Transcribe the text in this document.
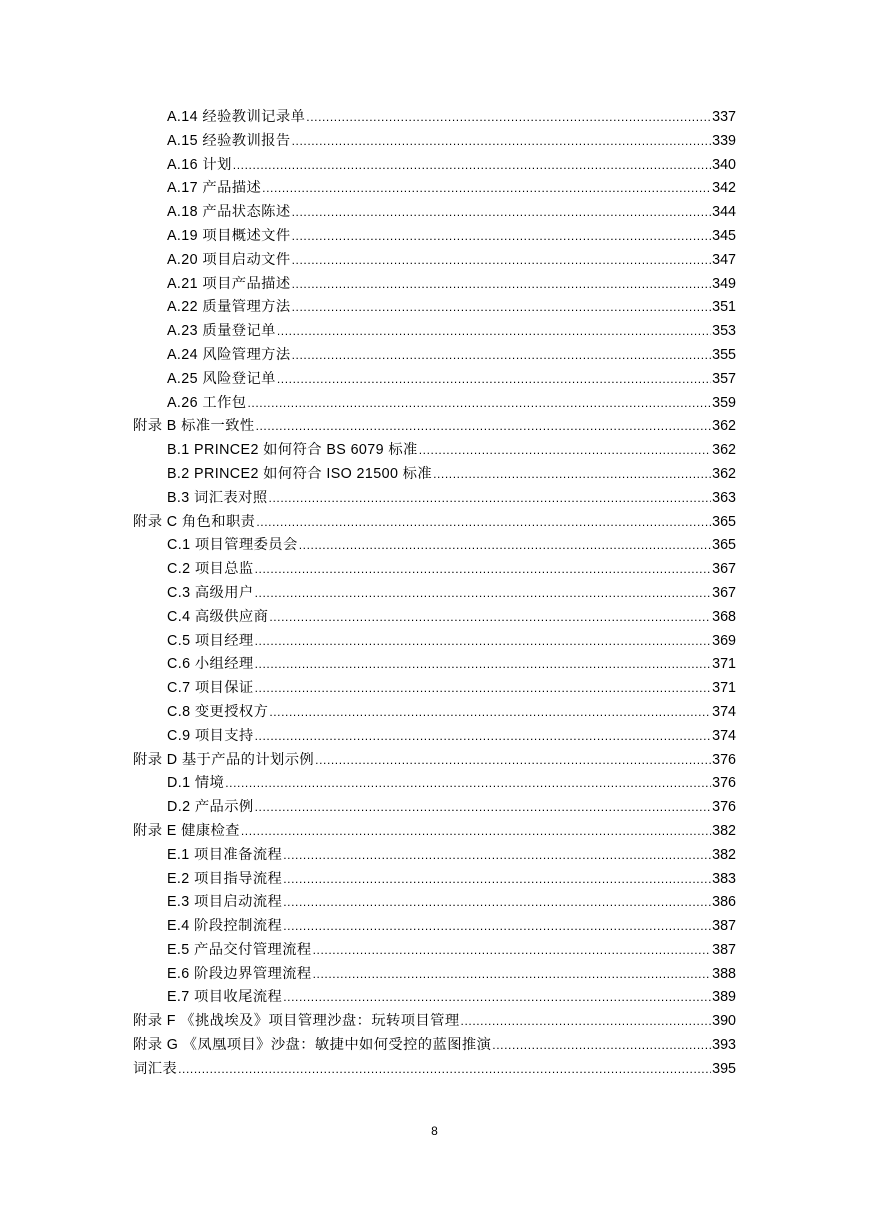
A.14 经验教训记录单 .....	337
A.15 经验教训报告 .....	339
A.16 计划 .....	340
A.17 产品描述 .....	342
A.18 产品状态陈述 .....	344
A.19 项目概述文件 .....	345
A.20 项目启动文件 .....	347
A.21 项目产品描述 .....	349
A.22 质量管理方法 .....	351
A.23 质量登记单 .....	353
A.24 风险管理方法 .....	355
A.25 风险登记单 .....	357
A.26 工作包 .....	359
附录 B 标准一致性 .....	362
B.1 PRINCE2 如何符合 BS 6079 标准 .....	362
B.2 PRINCE2 如何符合 ISO 21500 标准 .....	362
B.3 词汇表对照 .....	363
附录 C 角色和职责 .....	365
C.1 项目管理委员会 .....	365
C.2 项目总监 .....	367
C.3 高级用户 .....	367
C.4 高级供应商 .....	368
C.5 项目经理 .....	369
C.6 小组经理 .....	371
C.7 项目保证 .....	371
C.8 变更授权方 .....	374
C.9 项目支持 .....	374
附录 D 基于产品的计划示例 .....	376
D.1 情境 .....	376
D.2 产品示例 .....	376
附录 E 健康检查 .....	382
E.1 项目准备流程 .....	382
E.2 项目指导流程 .....	383
E.3 项目启动流程 .....	386
E.4 阶段控制流程 .....	387
E.5 产品交付管理流程 .....	387
E.6 阶段边界管理流程 .....	388
E.7 项目收尾流程 .....	389
附录 F 《挑战埃及》项目管理沙盘：玩转项目管理 .....	390
附录 G 《凤凰项目》沙盘：敏捷中如何受控的蓝图推演 .....	393
词汇表 .....	395
8
